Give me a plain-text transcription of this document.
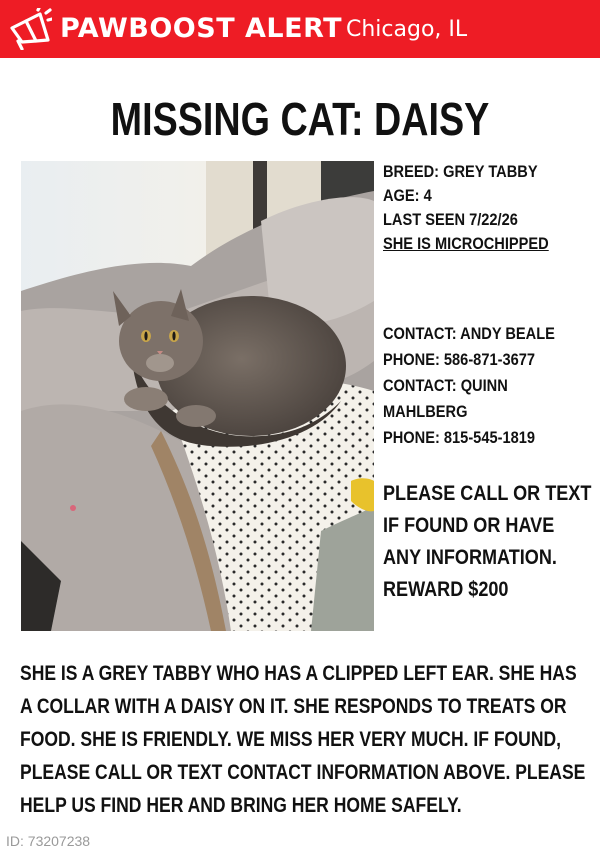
PAWBOOST ALERT Chicago, IL
MISSING CAT: DAISY
BREED: GREY TABBY
AGE: 4
LAST SEEN 7/22/26
SHE IS MICROCHIPPED
CONTACT: ANDY BEALE
PHONE: 586-871-3677
CONTACT: QUINN
MAHLBERG
PHONE: 815-545-1819
PLEASE CALL OR TEXT
IF FOUND OR HAVE
ANY INFORMATION.
REWARD $200
SHE IS A GREY TABBY WHO HAS A CLIPPED LEFT EAR. SHE HAS
A COLLAR WITH A DAISY ON IT. SHE RESPONDS TO TREATS OR
FOOD. SHE IS FRIENDLY. WE MISS HER VERY MUCH. IF FOUND,
PLEASE CALL OR TEXT CONTACT INFORMATION ABOVE. PLEASE
HELP US FIND HER AND BRING HER HOME SAFELY.
ID: 73207238
